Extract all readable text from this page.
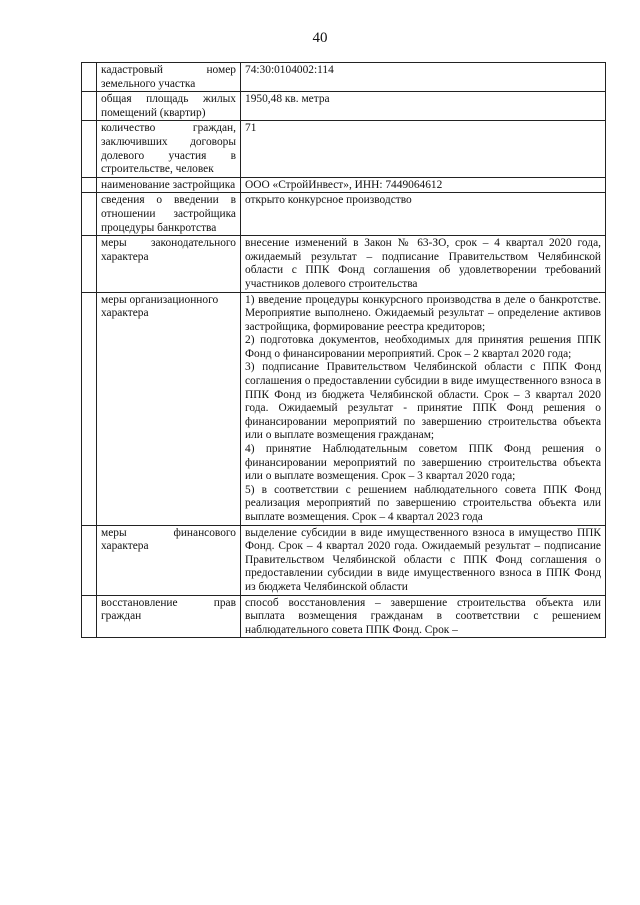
40
	кадастровый номер земельного участка	74:30:0104002:114
	общая площадь жилых помещений (квартир)	1950,48 кв. метра
	количество граждан, заключивших договоры долевого участия в строительстве, человек	71
	наименование застройщика	ООО «СтройИнвест», ИНН: 7449064612
	сведения о введении в отношении застройщика процедуры банкротства	открыто конкурсное производство
	меры законодательного характера	внесение изменений в Закон № 63-ЗО, срок – 4 квартал 2020 года, ожидаемый результат – подписание Правительством Челябинской области с ППК Фонд соглашения об удовлетворении требований участников долевого строительства
	меры организационного характера	1) введение процедуры конкурсного производства в деле о банкротстве. Мероприятие выполнено. Ожидаемый результат – определение активов застройщика, формирование реестра кредиторов;
2) подготовка документов, необходимых для принятия решения ППК Фонд о финансировании мероприятий. Срок – 2 квартал 2020 года;
3) подписание Правительством Челябинской области с ППК Фонд соглашения о предоставлении субсидии в виде имущественного взноса в ППК Фонд из бюджета Челябинской области. Срок – 3 квартал 2020 года. Ожидаемый результат - принятие ППК Фонд решения о финансировании мероприятий по завершению строительства объекта или о выплате возмещения гражданам;
4) принятие Наблюдательным советом ППК Фонд решения о финансировании мероприятий по завершению строительства объекта или о выплате возмещения. Срок – 3 квартал 2020 года;
5) в соответствии с решением наблюдательного совета ППК Фонд реализация мероприятий по завершению строительства объекта или выплате возмещения. Срок – 4 квартал 2023 года

	меры финансового характера	выделение субсидии в виде имущественного взноса в имущество ППК Фонд. Срок – 4 квартал 2020 года. Ожидаемый результат – подписание Правительством Челябинской области с ППК Фонд соглашения о предоставлении субсидии в виде имущественного взноса в ППК Фонд из бюджета Челябинской области
	восстановление прав граждан	способ восстановления – завершение строительства объекта или выплата возмещения гражданам в соответствии с решением наблюдательного совета ППК Фонд. Срок –
